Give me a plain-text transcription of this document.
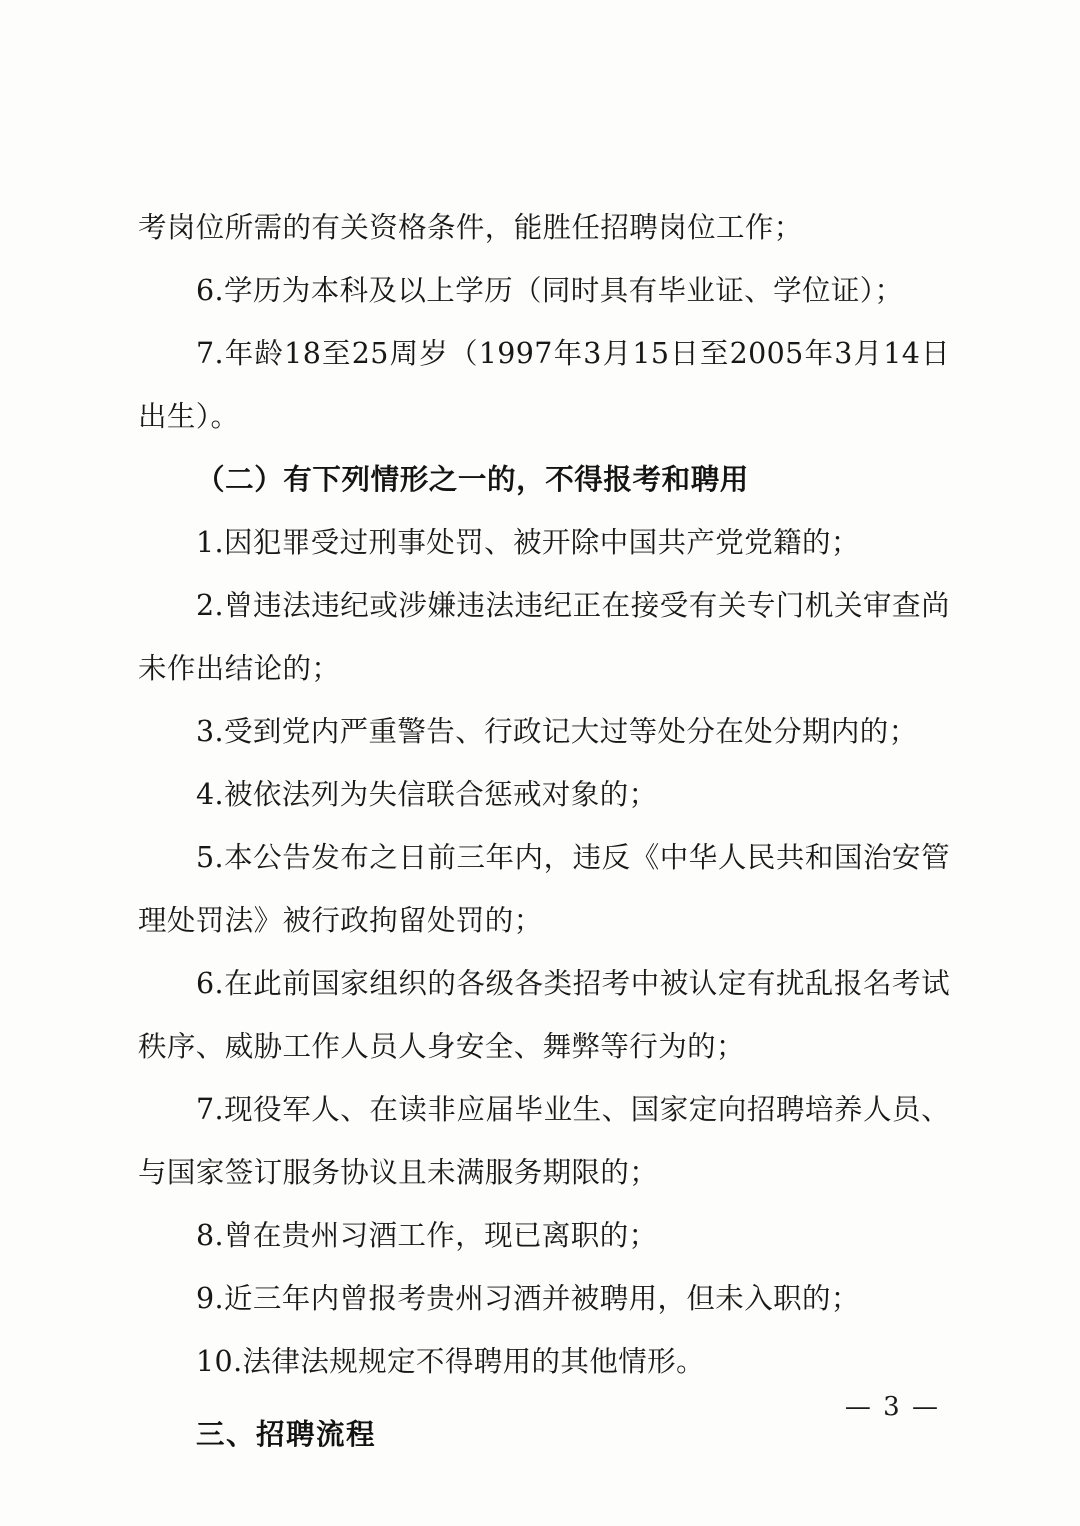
考岗位所需的有关资格条件，能胜任招聘岗位工作；

6.学历为本科及以上学历（同时具有毕业证、学位证）；

7.年龄18至25周岁（1997年3月15日至2005年3月14日出生）。

（二）有下列情形之一的，不得报考和聘用

1.因犯罪受过刑事处罚、被开除中国共产党党籍的；

2.曾违法违纪或涉嫌违法违纪正在接受有关专门机关审查尚未作出结论的；

3.受到党内严重警告、行政记大过等处分在处分期内的；

4.被依法列为失信联合惩戒对象的；

5.本公告发布之日前三年内，违反《中华人民共和国治安管理处罚法》被行政拘留处罚的；

6.在此前国家组织的各级各类招考中被认定有扰乱报名考试秩序、威胁工作人员人身安全、舞弊等行为的；

7.现役军人、在读非应届毕业生、国家定向招聘培养人员、与国家签订服务协议且未满服务期限的；

8.曾在贵州习酒工作，现已离职的；

9.近三年内曾报考贵州习酒并被聘用，但未入职的；

10.法律法规规定不得聘用的其他情形。

三、招聘流程

— 3 —
